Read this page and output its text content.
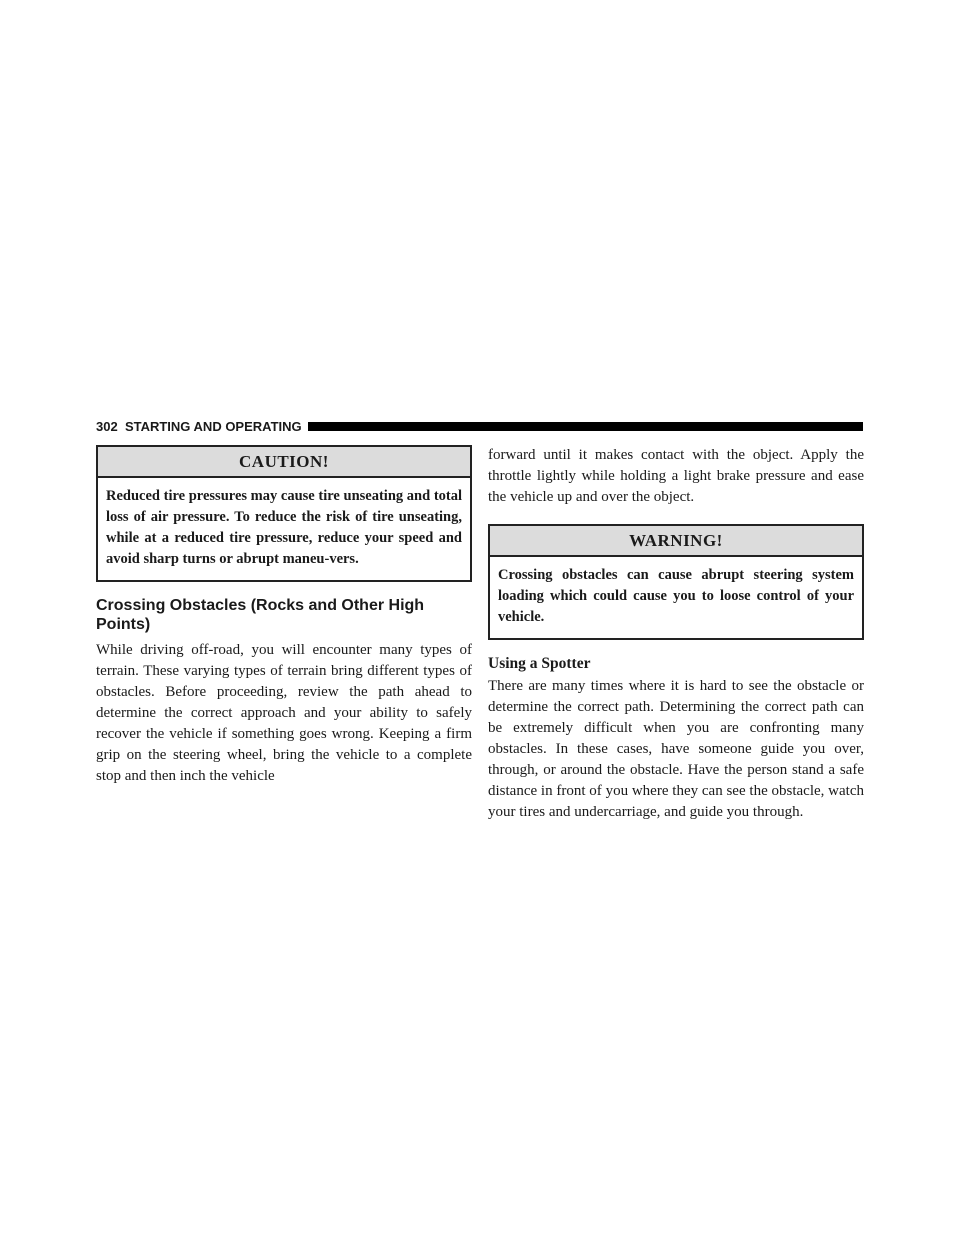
302 STARTING AND OPERATING
CAUTION!
Reduced tire pressures may cause tire unseating and total loss of air pressure. To reduce the risk of tire unseating, while at a reduced tire pressure, reduce your speed and avoid sharp turns or abrupt maneu-vers.
Crossing Obstacles (Rocks and Other High Points)

While driving off-road, you will encounter many types of terrain. These varying types of terrain bring different types of obstacles. Before proceeding, review the path ahead to determine the correct approach and your ability to safely recover the vehicle if something goes wrong. Keeping a firm grip on the steering wheel, bring the vehicle to a complete stop and then inch the vehicle

forward until it makes contact with the object. Apply the throttle lightly while holding a light brake pressure and ease the vehicle up and over the object.

WARNING!
Crossing obstacles can cause abrupt steering system loading which could cause you to loose control of your vehicle.
Using a Spotter

There are many times where it is hard to see the obstacle or determine the correct path. Determining the correct path can be extremely difficult when you are confronting many obstacles. In these cases, have someone guide you over, through, or around the obstacle. Have the person stand a safe distance in front of you where they can see the obstacle, watch your tires and undercarriage, and guide you through.
